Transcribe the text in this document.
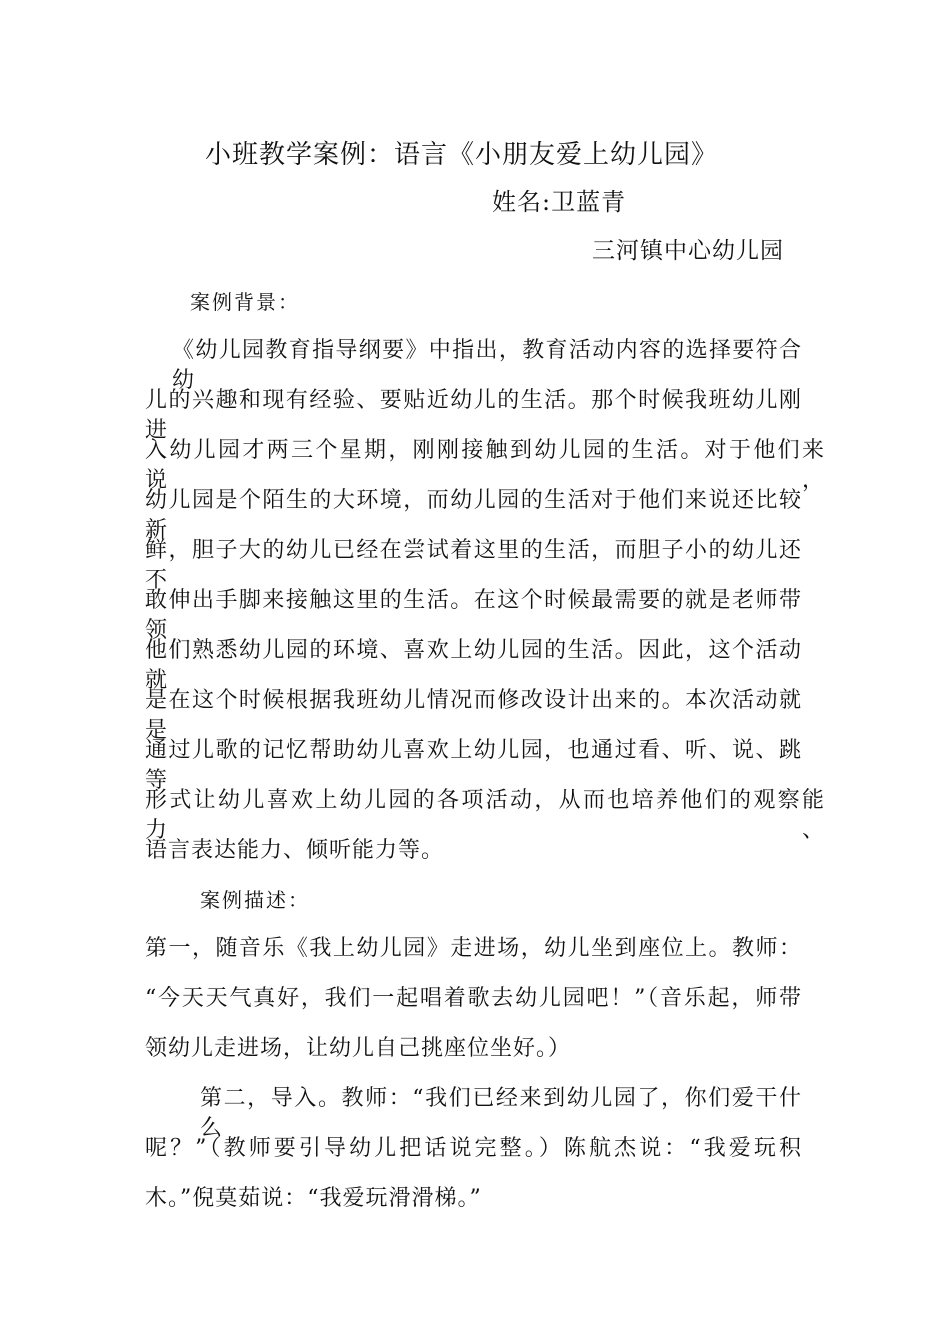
小班教学案例：语言《小朋友爱上幼儿园》
姓名:卫蓝青
三河镇中心幼儿园
案例背景：
《幼儿园教育指导纲要》中指出，教育活动内容的选择要符合幼
儿的兴趣和现有经验、要贴近幼儿的生活。那个时候我班幼儿刚进
入幼儿园才两三个星期，刚刚接触到幼儿园的生活。对于他们来说，
幼儿园是个陌生的大环境，而幼儿园的生活对于他们来说还比较新
鲜，胆子大的幼儿已经在尝试着这里的生活，而胆子小的幼儿还不
敢伸出手脚来接触这里的生活。在这个时候最需要的就是老师带领
他们熟悉幼儿园的环境、喜欢上幼儿园的生活。因此，这个活动就
是在这个时候根据我班幼儿情况而修改设计出来的。本次活动就是
通过儿歌的记忆帮助幼儿喜欢上幼儿园，也通过看、听、说、跳等
形式让幼儿喜欢上幼儿园的各项活动，从而也培养他们的观察能力、
语言表达能力、倾听能力等。
案例描述：
第一，随音乐《我上幼儿园》走进场，幼儿坐到座位上。教师：
“今天天气真好，我们一起唱着歌去幼儿园吧！”（音乐起，师带
领幼儿走进场，让幼儿自己挑座位坐好。）
第二，导入。教师：“我们已经来到幼儿园了，你们爱干什么
呢？”（教师要引导幼儿把话说完整。）陈航杰说：“我爱玩积
木。”倪莫茹说：“我爱玩滑滑梯。”
